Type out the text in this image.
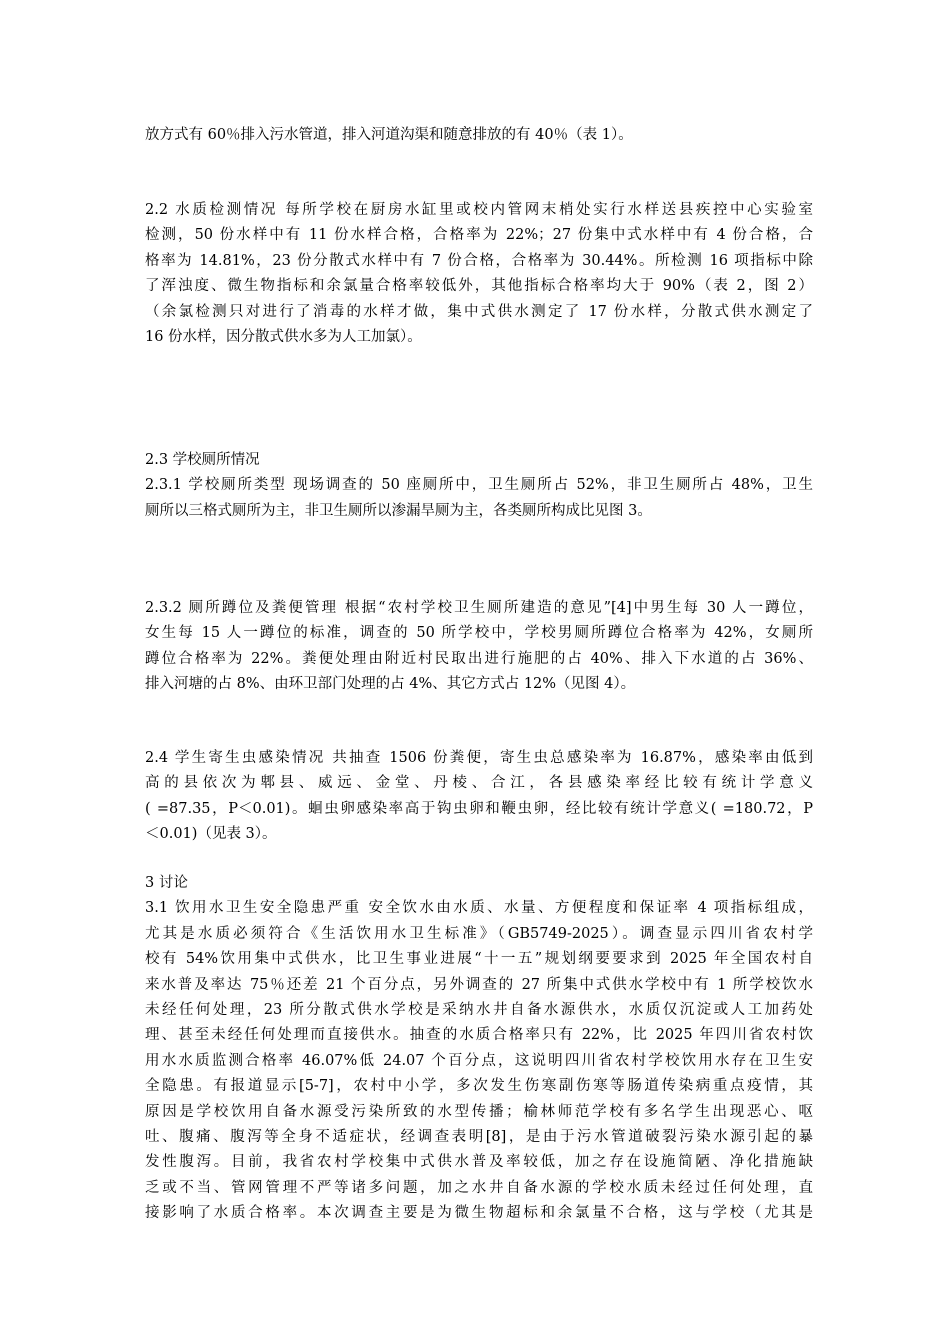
放方式有 60％排入污水管道，排入河道沟渠和随意排放的有 40％（表 1）。

2.2 水质检测情况 每所学校在厨房水缸里或校内管网末梢处实行水样送县疾控中心实验室
检测，50 份水样中有 11 份水样合格，合格率为 22%；27 份集中式水样中有 4 份合格，合
格率为 14.81%，23 份分散式水样中有 7 份合格，合格率为 30.44%。所检测 16 项指标中除
了浑浊度、微生物指标和余氯量合格率较低外，其他指标合格率均大于 90%（表 2，图 2）
（余氯检测只对进行了消毒的水样才做，集中式供水测定了 17 份水样，分散式供水测定了
16 份水样，因分散式供水多为人工加氯）。

2.3 学校厕所情况
2.3.1 学校厕所类型 现场调查的 50 座厕所中，卫生厕所占 52%，非卫生厕所占 48%，卫生
厕所以三格式厕所为主，非卫生厕所以渗漏旱厕为主，各类厕所构成比见图 3。

2.3.2 厕所蹲位及粪便管理 根据“农村学校卫生厕所建造的意见”[4]中男生每 30 人一蹲位，
女生每 15 人一蹲位的标准，调查的 50 所学校中，学校男厕所蹲位合格率为 42%，女厕所
蹲位合格率为 22%。粪便处理由附近村民取出进行施肥的占 40%、排入下水道的占 36%、
排入河塘的占 8%、由环卫部门处理的占 4%、其它方式占 12%（见图 4）。

2.4 学生寄生虫感染情况 共抽查 1506 份粪便，寄生虫总感染率为 16.87%，感染率由低到
高的县依次为郫县、威远、金堂、丹棱、合江，各县感染率经比较有统计学意义
( =87.35，P＜0.01)。蛔虫卵感染率高于钩虫卵和鞭虫卵，经比较有统计学意义( =180.72，P
＜0.01)（见表 3）。

3 讨论
3.1 饮用水卫生安全隐患严重 安全饮水由水质、水量、方便程度和保证率 4 项指标组成，
尤其是水质必须符合《生活饮用水卫生标准》（GB5749-2025）。调查显示四川省农村学
校有 54%饮用集中式供水，比卫生事业进展“十一五”规划纲要要求到 2025 年全国农村自
来水普及率达 75％还差 21 个百分点，另外调查的 27 所集中式供水学校中有 1 所学校饮水
未经任何处理，23 所分散式供水学校是采纳水井自备水源供水，水质仅沉淀或人工加药处
理、甚至未经任何处理而直接供水。抽查的水质合格率只有 22%，比 2025 年四川省农村饮
用水水质监测合格率 46.07%低 24.07 个百分点，这说明四川省农村学校饮用水存在卫生安
全隐患。有报道显示[5-7]，农村中小学，多次发生伤寒副伤寒等肠道传染病重点疫情，其
原因是学校饮用自备水源受污染所致的水型传播；榆林师范学校有多名学生出现恶心、呕
吐、腹痛、腹泻等全身不适症状，经调查表明[8]，是由于污水管道破裂污染水源引起的暴
发性腹泻。目前，我省农村学校集中式供水普及率较低，加之存在设施简陋、净化措施缺
乏或不当、管网管理不严等诸多问题，加之水井自备水源的学校水质未经过任何处理，直
接影响了水质合格率。本次调查主要是为微生物超标和余氯量不合格，这与学校（尤其是
